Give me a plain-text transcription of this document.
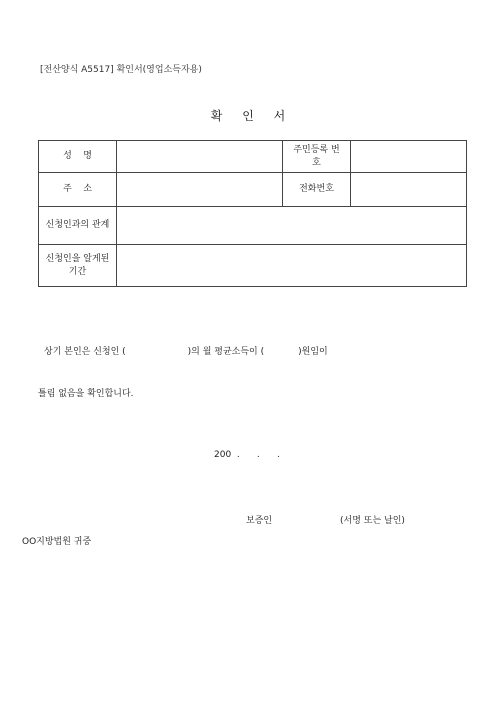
[전산양식 A5517] 확인서(영업소득자용)
확 인 서
성    명		주민등록 번    호	
주    소		전화번호	
신청인과의 관계			
신청인을 알게된 기간			
상기 본인은 신청인 (	)의 월 평균소득이 (	)원임이
틀림 없음을 확인합니다.
200  .      .      .
보증인	(서명 또는 날인)
OO지방법원 귀중
